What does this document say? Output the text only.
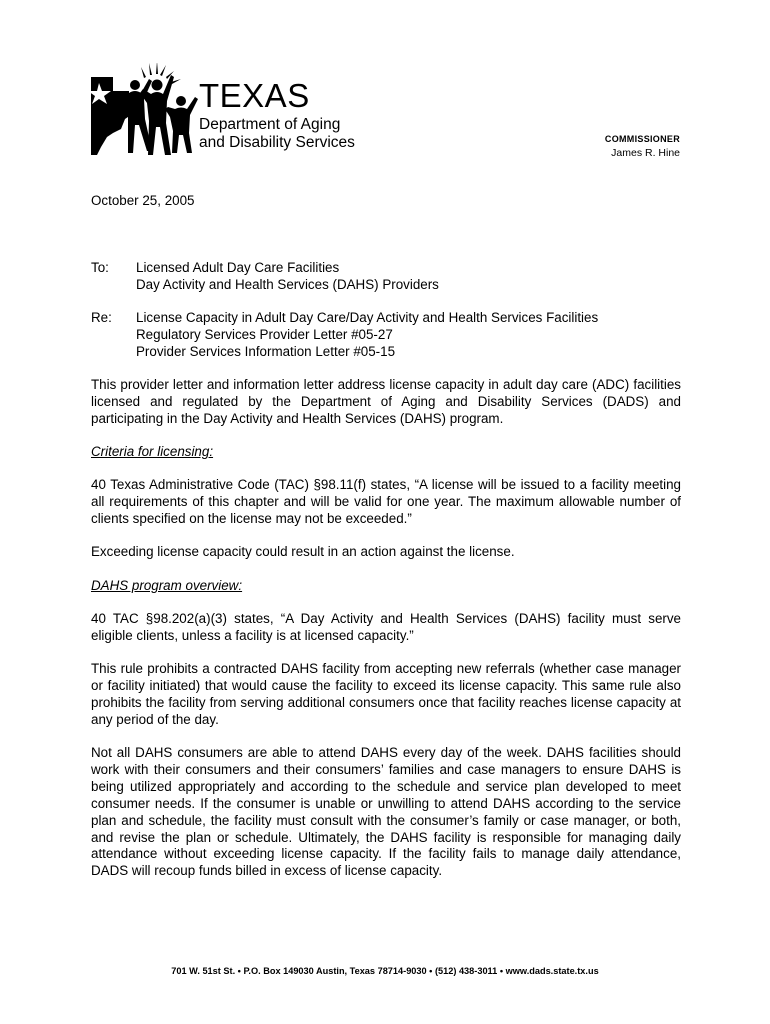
TEXAS
Department of Aging
and Disability Services	COMMISSIONER
James R. Hine
October 25, 2005
To: Licensed Adult Day Care Facilities
Day Activity and Health Services (DAHS) Providers
Re: License Capacity in Adult Day Care/Day Activity and Health Services Facilities
Regulatory Services Provider Letter #05-27
Provider Services Information Letter #05-15
This provider letter and information letter address license capacity in adult day care (ADC) facilities licensed and regulated by the Department of Aging and Disability Services (DADS) and participating in the Day Activity and Health Services (DAHS) program.
Criteria for licensing:
40 Texas Administrative Code (TAC) §98.11(f) states, “A license will be issued to a facility meeting all requirements of this chapter and will be valid for one year. The maximum allowable number of clients specified on the license may not be exceeded.”
Exceeding license capacity could result in an action against the license.
DAHS program overview:
40 TAC §98.202(a)(3) states, “A Day Activity and Health Services (DAHS) facility must serve eligible clients, unless a facility is at licensed capacity.”
This rule prohibits a contracted DAHS facility from accepting new referrals (whether case manager or facility initiated) that would cause the facility to exceed its license capacity. This same rule also prohibits the facility from serving additional consumers once that facility reaches license capacity at any period of the day.
Not all DAHS consumers are able to attend DAHS every day of the week. DAHS facilities should work with their consumers and their consumers’ families and case managers to ensure DAHS is being utilized appropriately and according to the schedule and service plan developed to meet consumer needs. If the consumer is unable or unwilling to attend DAHS according to the service plan and schedule, the facility must consult with the consumer’s family or case manager, or both, and revise the plan or schedule. Ultimately, the DAHS facility is responsible for managing daily attendance without exceeding license capacity. If the facility fails to manage daily attendance, DADS will recoup funds billed in excess of license capacity.
701 W. 51st St. • P.O. Box 149030 Austin, Texas 78714-9030 • (512) 438-3011 • www.dads.state.tx.us
